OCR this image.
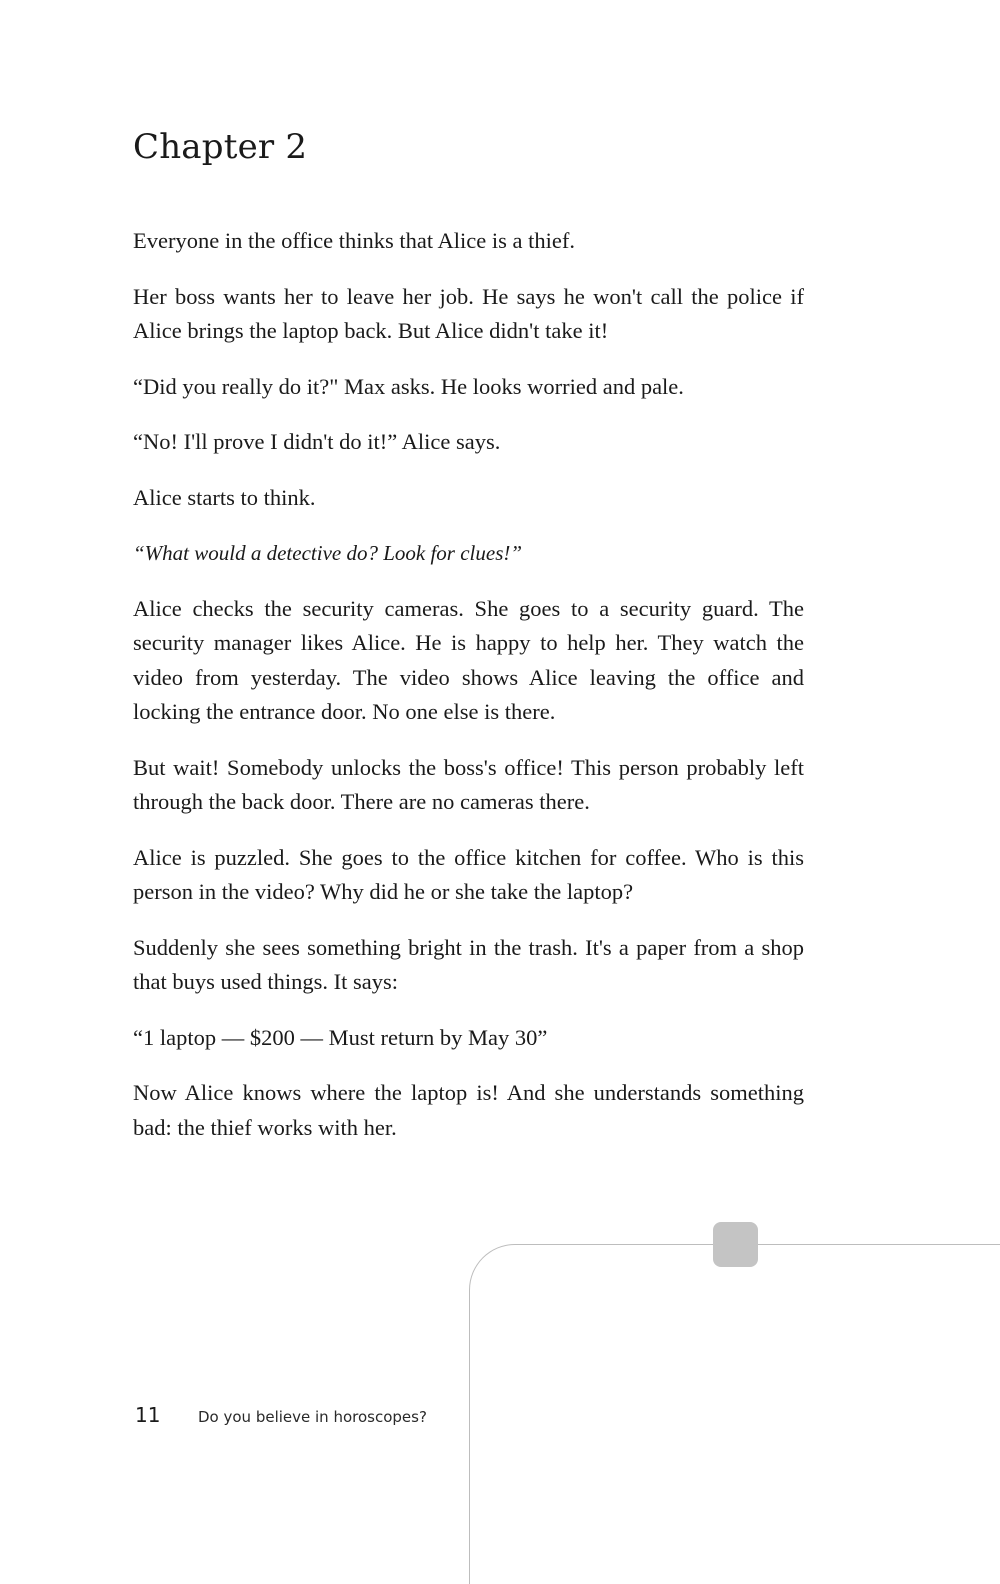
Chapter 2

Everyone in the office thinks that Alice is a thief.

Her boss wants her to leave her job. He says he won't call the police if Alice brings the laptop back. But Alice didn't take it!

“Did you really do it?" Max asks. He looks worried and pale.

“No! I'll prove I didn't do it!” Alice says.

Alice starts to think.

“What would a detective do? Look for clues!”

Alice checks the security cameras. She goes to a security guard. The security manager likes Alice. He is happy to help her. They watch the video from yesterday. The video shows Alice leaving the office and locking the entrance door. No one else is there.

But wait! Somebody unlocks the boss's office! This person probably left through the back door. There are no cameras there.

Alice is puzzled. She goes to the office kitchen for coffee. Who is this person in the video? Why did he or she take the laptop?

Suddenly she sees something bright in the trash. It's a paper from a shop that buys used things. It says:

“1 laptop — $200 — Must return by May 30”

Now Alice knows where the laptop is! And she understands something bad: the thief works with her.

11	Do you believe in horoscopes?
